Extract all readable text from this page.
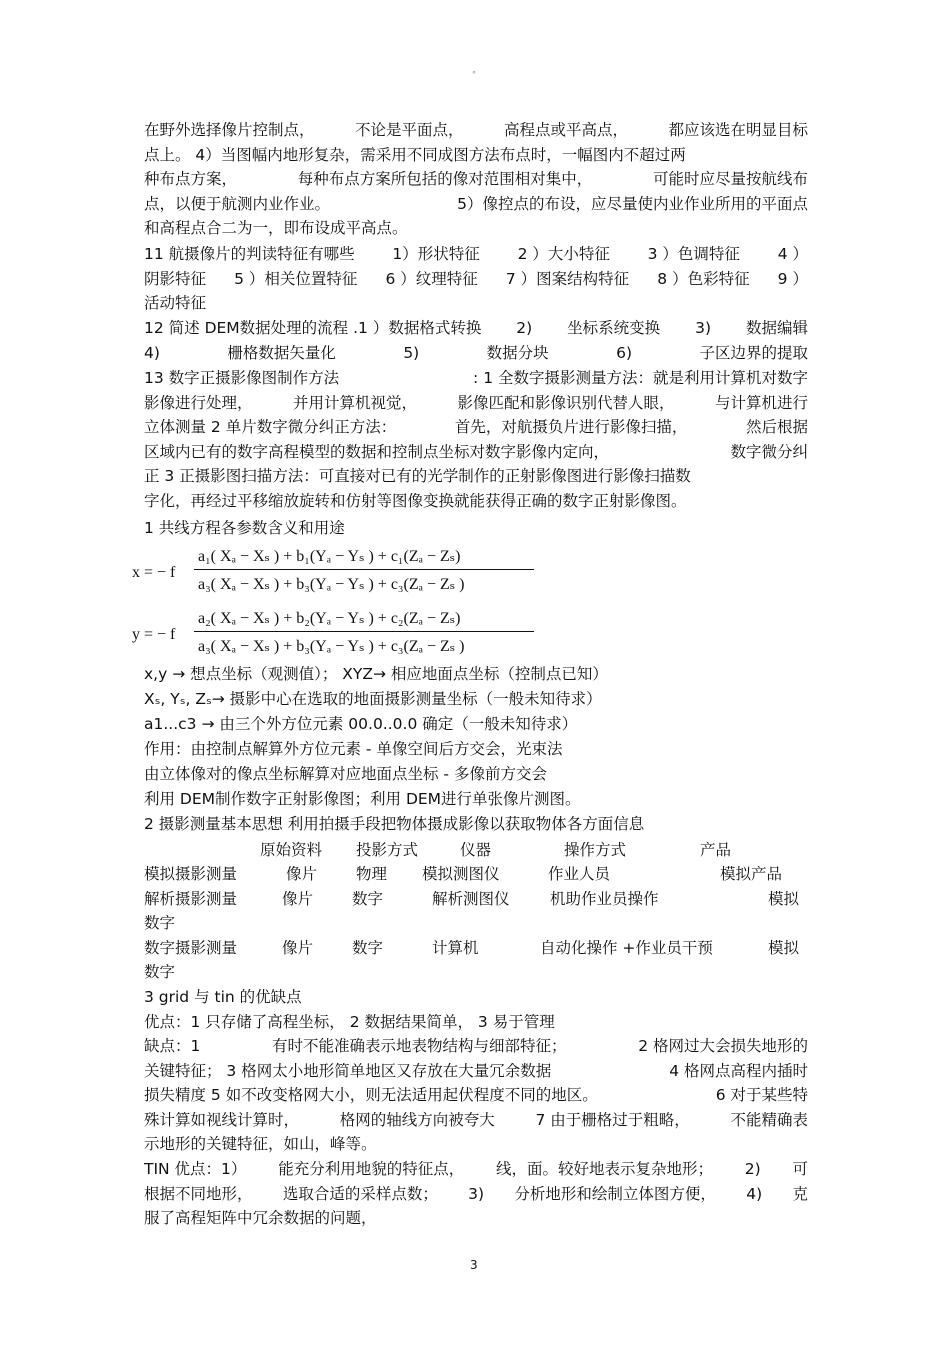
°
在野外选择像片控制点，	不论是平面点，	高程点或平高点，	都应该选在明显目标
点上。 4）当图幅内地形复杂，需采用不同成图方法布点时，一幅图内不超过两
种布点方案，	每种布点方案所包括的像对范围相对集中，	可能时应尽量按航线布
点，以便于航测内业作业。	5）像控点的布设，应尽量使内业作业所用的平面点
和高程点合二为一，即布设成平高点。
11 航摄像片的判读特征有哪些 1）形状特征 2 ）大小特征 3 ）色调特征 4 ）
阴影特征 5 ）相关位置特征 6 ）纹理特征 7 ）图案结构特征 8 ）色彩特征 9 ）
活动特征
12 简述 DEM数据处理的流程 .1 ）数据格式转换 2) 坐标系统变换 3) 数据编辑
4)	栅格数据矢量化	5)	数据分块	6)	子区边界的提取
13 数字正摄影像图制作方法	: 1 全数字摄影测量方法：就是利用计算机对数字
影像进行处理，	并用计算机视觉，	影像匹配和影像识别代替人眼，	与计算机进行
立体测量 2 单片数字微分纠正方法：	首先，对航摄负片进行影像扫描，	然后根据
区域内已有的数字高程模型的数据和控制点坐标对数字影像内定向，	数字微分纠
正 3 正摄影图扫描方法：可直接对已有的光学制作的正射影像图进行影像扫描数
字化，再经过平移缩放旋转和仿射等图像变换就能获得正确的数字正射影像图。
1 共线方程各参数含义和用途
x = − f
a₁( Xₐ − Xₛ ) + b₁(Yₐ − Yₛ ) + c₁(Zₐ − Zₛ)
a₃( Xₐ − Xₛ ) + b₃(Yₐ − Yₛ ) + c₃(Zₐ − Zₛ )
y = − f
a₂( Xₐ − Xₛ ) + b₂(Yₐ − Yₛ ) + c₂(Zₐ − Zₛ)
a₃( Xₐ − Xₛ ) + b₃(Yₐ − Yₛ ) + c₃(Zₐ − Zₛ )
x,y → 想点坐标（观测值）； XYZ→ 相应地面点坐标（控制点已知）
Xₛ, Yₛ, Zₛ→ 摄影中心在选取的地面摄影测量坐标（一般未知待求）
a1...c3 → 由三个外方位元素 00.0..0.0 确定（一般未知待求）
作用：由控制点解算外方位元素 - 单像空间后方交会，光束法
由立体像对的像点坐标解算对应地面点坐标 - 多像前方交会
利用 DEM制作数字正射影像图；利用 DEM进行单张像片测图。
2 摄影测量基本思想 利用拍摄手段把物体摄成影像以获取物体各方面信息
原始资料 投影方式	仪器	操作方式	产品
模拟摄影测量	像片	物理 模拟测图仪	作业人员	模拟产品
解析摄影测量	像片	数字	解析测图仪	机助作业员操作	模拟
数字
数字摄影测量	像片	数字	计算机	自动化操作 +作业员干预	模拟
数字
3 grid 与 tin 的优缺点
优点：1 只存储了高程坐标， 2 数据结果简单， 3 易于管理
缺点：1	有时不能准确表示地表物结构与细部特征；	2 格网过大会损失地形的
关键特征； 3 格网太小地形简单地区又存放在大量冗余数据	4 格网点高程内插时
损失精度 5 如不改变格网大小，则无法适用起伏程度不同的地区。	6 对于某些特
殊计算如视线计算时，	格网的轴线方向被夸大	7 由于栅格过于粗略，	不能精确表
示地形的关键特征，如山，峰等。
TIN 优点：1） 能充分利用地貌的特征点， 线，面。较好地表示复杂地形； 2) 可
根据不同地形， 选取合适的采样点数； 3) 分析地形和绘制立体图方便， 4) 克
服了高程矩阵中冗余数据的问题，
3
